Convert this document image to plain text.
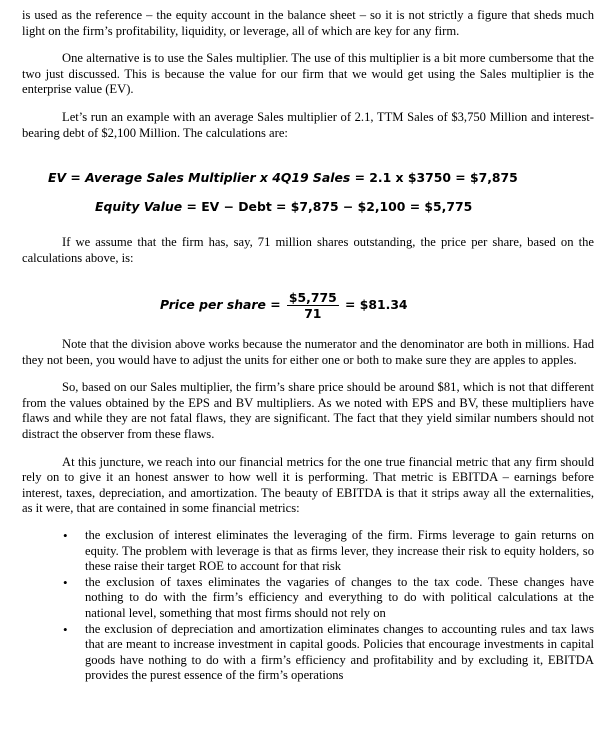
is used as the reference – the equity account in the balance sheet – so it is not strictly a figure that sheds much light on the firm’s profitability, liquidity, or leverage, all of which are key for any firm.

One alternative is to use the Sales multiplier. The use of this multiplier is a bit more cumbersome that the two just discussed. This is because the value for our firm that we would get using the Sales multiplier is the enterprise value (EV).

Let’s run an example with an average Sales multiplier of 2.1, TTM Sales of $3,750 Million and interest-bearing debt of $2,100 Million. The calculations are:

EV = Average Sales Multiplier x 4Q19 Sales = 2.1 x $3750 = $7,875
Equity Value = EV − Debt = $7,875 − $2,100 = $5,775

If we assume that the firm has, say, 71 million shares outstanding, the price per share, based on the calculations above, is:

Price per share = $\frac{\$5,775}{71}$ = $81.34

Note that the division above works because the numerator and the denominator are both in millions. Had they not been, you would have to adjust the units for either one or both to make sure they are apples to apples.

So, based on our Sales multiplier, the firm’s share price should be around $81, which is not that different from the values obtained by the EPS and BV multipliers. As we noted with EPS and BV, these multipliers have flaws and while they are not fatal flaws, they are significant. The fact that they yield similar numbers should not distract the observer from these flaws.

At this juncture, we reach into our financial metrics for the one true financial metric that any firm should rely on to give it an honest answer to how well it is performing. That metric is EBITDA – earnings before interest, taxes, depreciation, and amortization. The beauty of EBITDA is that it strips away all the externalities, as it were, that are contained in some financial metrics:

• the exclusion of interest eliminates the leveraging of the firm. Firms leverage to gain returns on equity. The problem with leverage is that as firms lever, they increase their risk to equity holders, so these raise their target ROE to account for that risk
• the exclusion of taxes eliminates the vagaries of changes to the tax code. These changes have nothing to do with the firm’s efficiency and everything to do with political calculations at the national level, something that most firms should not rely on
• the exclusion of depreciation and amortization eliminates changes to accounting rules and tax laws that are meant to increase investment in capital goods. Policies that encourage investments in capital goods have nothing to do with a firm’s efficiency and profitability and by excluding it, EBITDA provides the purest essence of the firm’s operations
